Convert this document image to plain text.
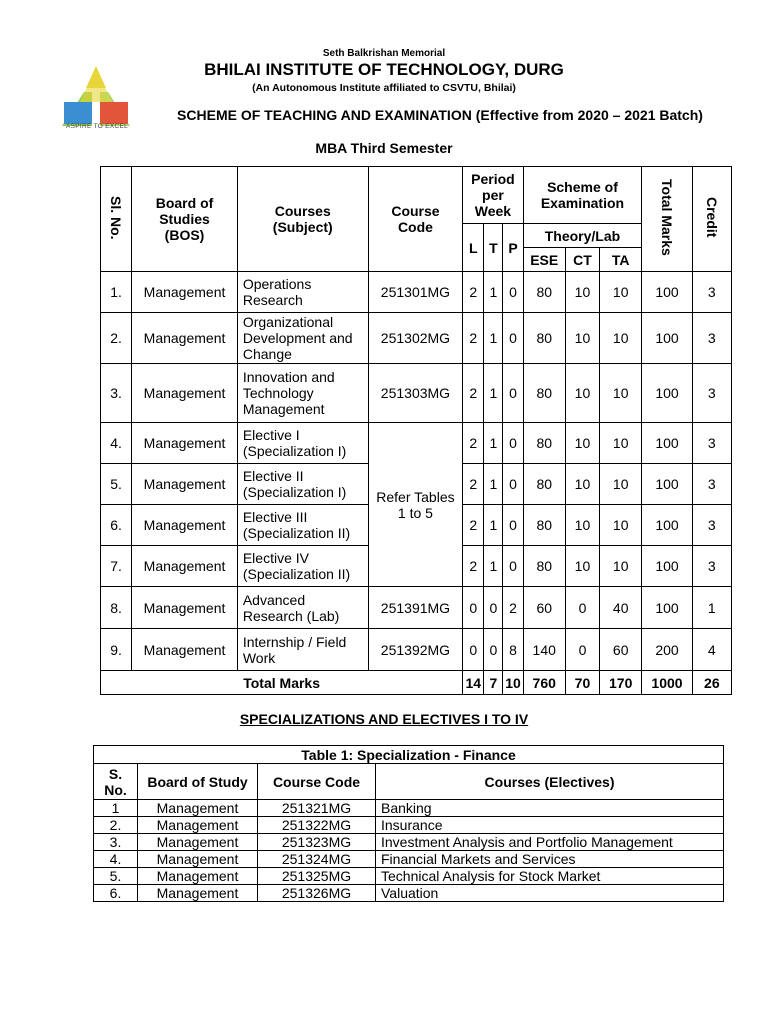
ASPIRE TO EXCEL
Seth Balkrishan Memorial
BHILAI INSTITUTE OF TECHNOLOGY, DURG
(An Autonomous Institute affiliated to CSVTU, Bhilai)
SCHEME OF TEACHING AND EXAMINATION (Effective from 2020 – 2021 Batch)
MBA Third Semester
Sl. No.	Board of Studies (BOS)	Courses (Subject)	Course Code	Period per Week			Scheme of Examination			Total Marks	Credit
				L	T	P	Theory/Lab				
							ESE	CT	TA		
1.	Management	Operations Research	251301MG	2	1	0	80	10	10	100	3
2.	Management	Organizational Development and Change	251302MG	2	1	0	80	10	10	100	3
3.	Management	Innovation and Technology Management	251303MG	2	1	0	80	10	10	100	3
4.	Management	Elective I (Specialization I)	Refer Tables 1 to 5	2	1	0	80	10	10	100	3
5.	Management	Elective II (Specialization I)		2	1	0	80	10	10	100	3
6.	Management	Elective III (Specialization II)		2	1	0	80	10	10	100	3
7.	Management	Elective IV (Specialization II)		2	1	0	80	10	10	100	3
8.	Management	Advanced Research (Lab)	251391MG	0	0	2	60	0	40	100	1
9.	Management	Internship / Field Work	251392MG	0	0	8	140	0	60	200	4
Total Marks				14	7	10	760	70	170	1000	26
SPECIALIZATIONS AND ELECTIVES I TO IV
Table 1: Specialization - Finance			
S. No.	Board of Study	Course Code	Courses (Electives)
1	Management	251321MG	Banking
2.	Management	251322MG	Insurance
3.	Management	251323MG	Investment Analysis and Portfolio Management
4.	Management	251324MG	Financial Markets and Services
5.	Management	251325MG	Technical Analysis for Stock Market
6.	Management	251326MG	Valuation
